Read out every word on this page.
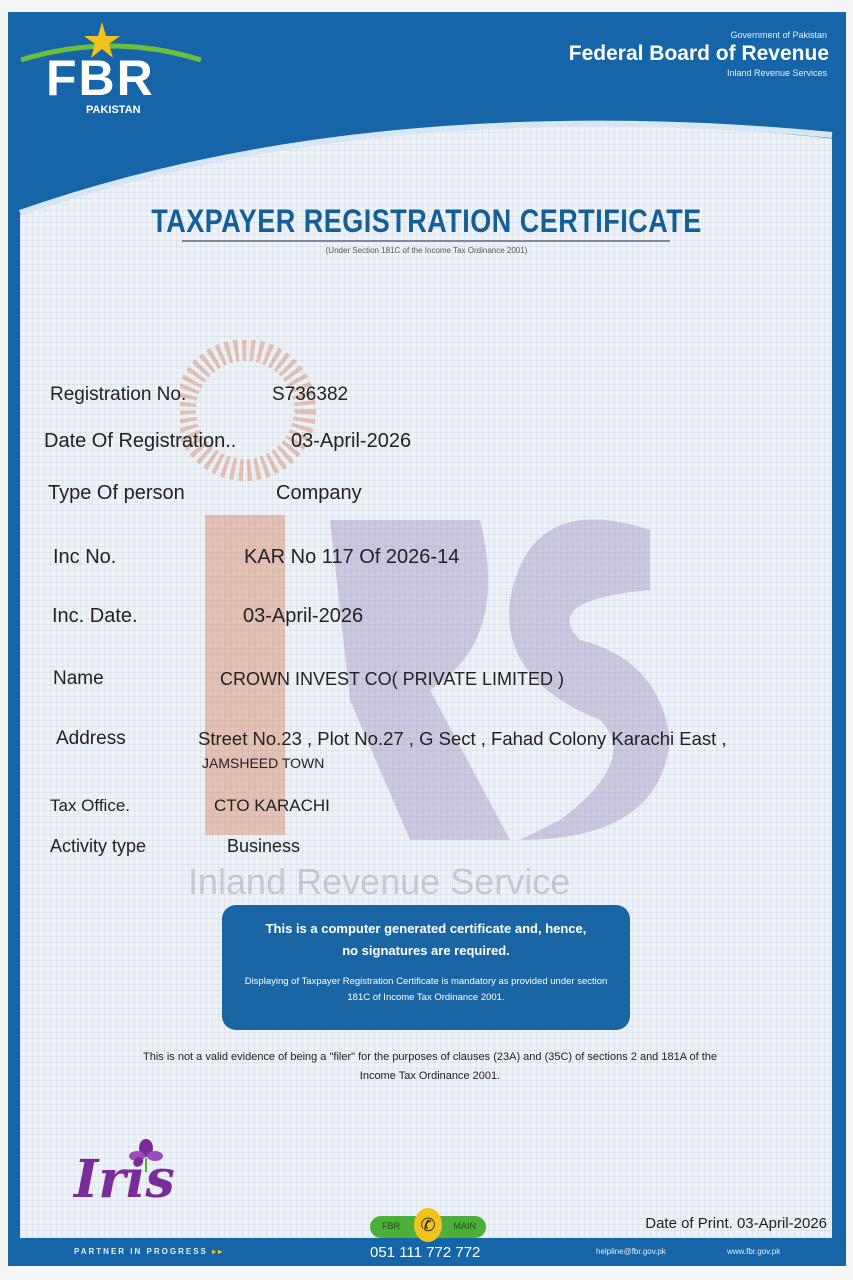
FBR
PAKISTAN
Government of Pakistan
Federal Board of Revenue
Inland Revenue Services
TAXPAYER REGISTRATION CERTIFICATE
(Under Section 181C of the Income Tax Ordinance 2001)
Inland Revenue Service
Registration No.	S736382
Date Of Registration..	03-April-2026
Type Of person	Company
Inc No.	KAR No 117 Of 2026-14
Inc. Date.	03-April-2026
Name	CROWN INVEST CO( PRIVATE LIMITED )
Address	Street No.23 , Plot No.27 , G Sect , Fahad Colony Karachi East ,
JAMSHEED TOWN
Tax Office.	CTO KARACHI
Activity type	Business
This is a computer generated certificate and, hence, no signatures are required.
Displaying of Taxpayer Registration Certificate is mandatory as provided under section 181C of Income Tax Ordinance 2001.
This is not a valid evidence of being a "filer" for the purposes of clauses (23A) and (35C) of sections 2 and 181A of the Income Tax Ordinance 2001.
Iris
Date of Print. 03-April-2026
FBR	MAIN
✆
051 111 772 772
PARTNER IN PROGRESS ▸▸	helpline@fbr.gov.pk	www.fbr.gov.pk
